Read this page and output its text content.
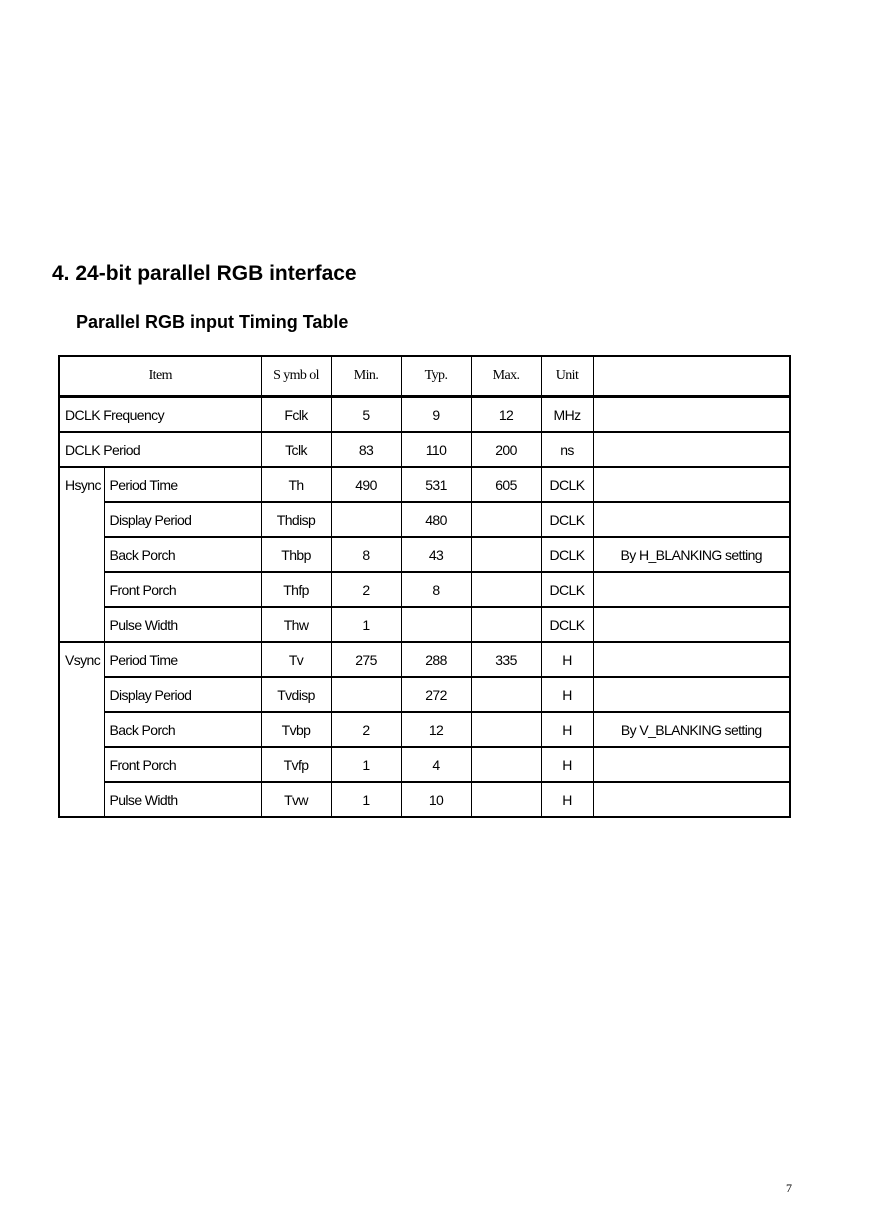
4. 24-bit parallel RGB interface
Parallel RGB input Timing Table
Item		S ymb ol	Min.	Typ.	Max.	Unit	
DCLK Frequency		Fclk	5	9	12	MHz	
DCLK Period		Tclk	83	110	200	ns	
Hsync	Period Time	Th	490	531	605	DCLK	
	Display Period	Thdisp		480		DCLK	
	Back Porch	Thbp	8	43		DCLK	By H_BLANKING setting
	Front Porch	Thfp	2	8		DCLK	
	Pulse Width	Thw	1			DCLK	
Vsync	Period Time	Tv	275	288	335	H	
	Display Period	Tvdisp		272		H	
	Back Porch	Tvbp	2	12		H	By V_BLANKING setting
	Front Porch	Tvfp	1	4		H	
	Pulse Width	Tvw	1	10		H	

7
